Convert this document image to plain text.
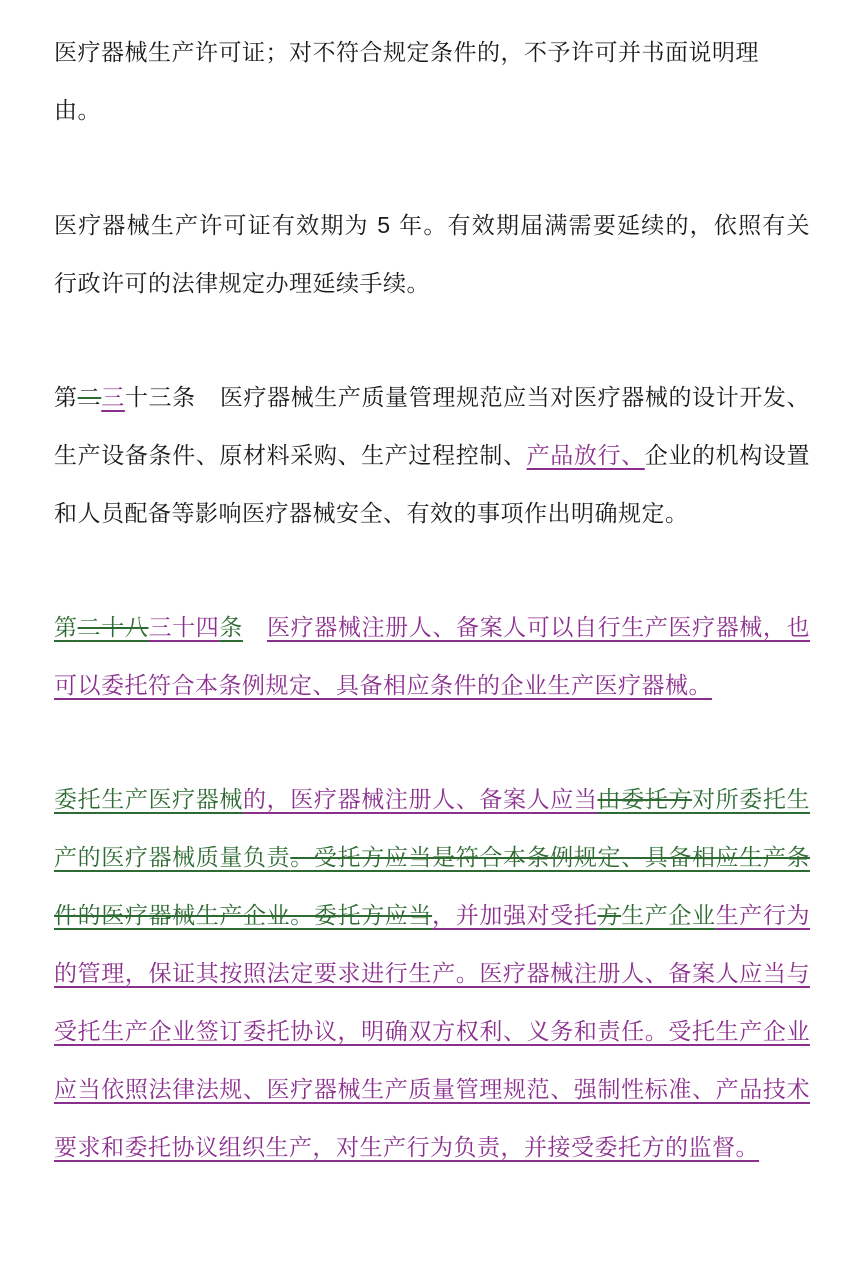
医疗器械生产许可证；对不符合规定条件的，不予许可并书面说明理
由。

医疗器械生产许可证有效期为 5 年。有效期届满需要延续的，依照有关行政许可的法律规定办理延续手续。

第二三十三条 医疗器械生产质量管理规范应当对医疗器械的设计开发、生产设备条件、原材料采购、生产过程控制、产品放行、企业的机构设置和人员配备等影响医疗器械安全、有效的事项作出明确规定。

第二十八三十四条 医疗器械注册人、备案人可以自行生产医疗器械，也可以委托符合本条例规定、具备相应条件的企业生产医疗器械。

委托生产医疗器械的，医疗器械注册人、备案人应当由委托方对所委托生产的医疗器械质量负责。受托方应当是符合本条例规定、具备相应生产条件的医疗器械生产企业。委托方应当，并加强对受托方生产企业生产行为的管理，保证其按照法定要求进行生产。医疗器械注册人、备案人应当与受托生产企业签订委托协议，明确双方权利、义务和责任。受托生产企业应当依照法律法规、医疗器械生产质量管理规范、强制性标准、产品技术要求和委托协议组织生产，对生产行为负责，并接受委托方的监督。
